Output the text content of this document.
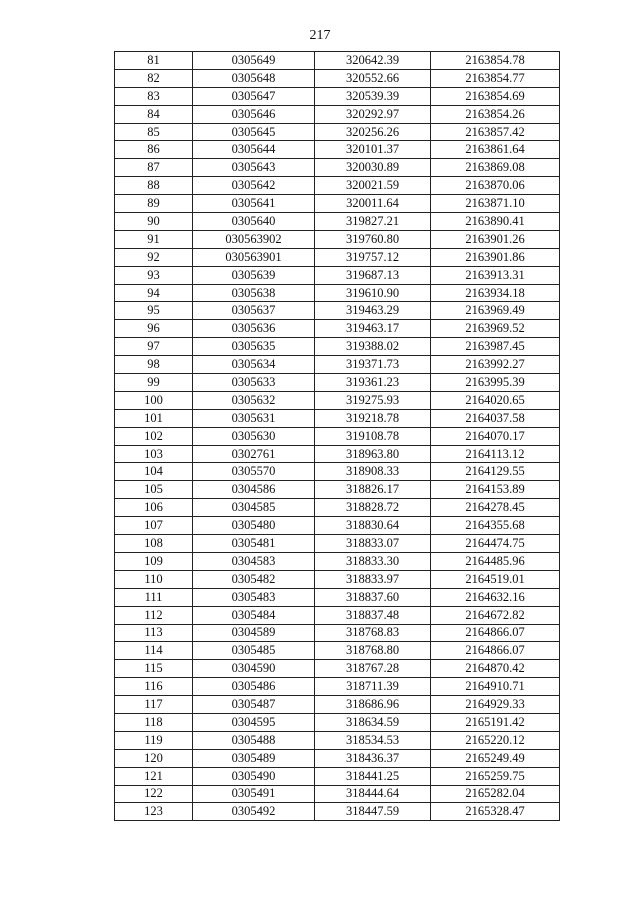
217
81	0305649	320642.39	2163854.78
82	0305648	320552.66	2163854.77
83	0305647	320539.39	2163854.69
84	0305646	320292.97	2163854.26
85	0305645	320256.26	2163857.42
86	0305644	320101.37	2163861.64
87	0305643	320030.89	2163869.08
88	0305642	320021.59	2163870.06
89	0305641	320011.64	2163871.10
90	0305640	319827.21	2163890.41
91	030563902	319760.80	2163901.26
92	030563901	319757.12	2163901.86
93	0305639	319687.13	2163913.31
94	0305638	319610.90	2163934.18
95	0305637	319463.29	2163969.49
96	0305636	319463.17	2163969.52
97	0305635	319388.02	2163987.45
98	0305634	319371.73	2163992.27
99	0305633	319361.23	2163995.39
100	0305632	319275.93	2164020.65
101	0305631	319218.78	2164037.58
102	0305630	319108.78	2164070.17
103	0302761	318963.80	2164113.12
104	0305570	318908.33	2164129.55
105	0304586	318826.17	2164153.89
106	0304585	318828.72	2164278.45
107	0305480	318830.64	2164355.68
108	0305481	318833.07	2164474.75
109	0304583	318833.30	2164485.96
110	0305482	318833.97	2164519.01
111	0305483	318837.60	2164632.16
112	0305484	318837.48	2164672.82
113	0304589	318768.83	2164866.07
114	0305485	318768.80	2164866.07
115	0304590	318767.28	2164870.42
116	0305486	318711.39	2164910.71
117	0305487	318686.96	2164929.33
118	0304595	318634.59	2165191.42
119	0305488	318534.53	2165220.12
120	0305489	318436.37	2165249.49
121	0305490	318441.25	2165259.75
122	0305491	318444.64	2165282.04
123	0305492	318447.59	2165328.47
